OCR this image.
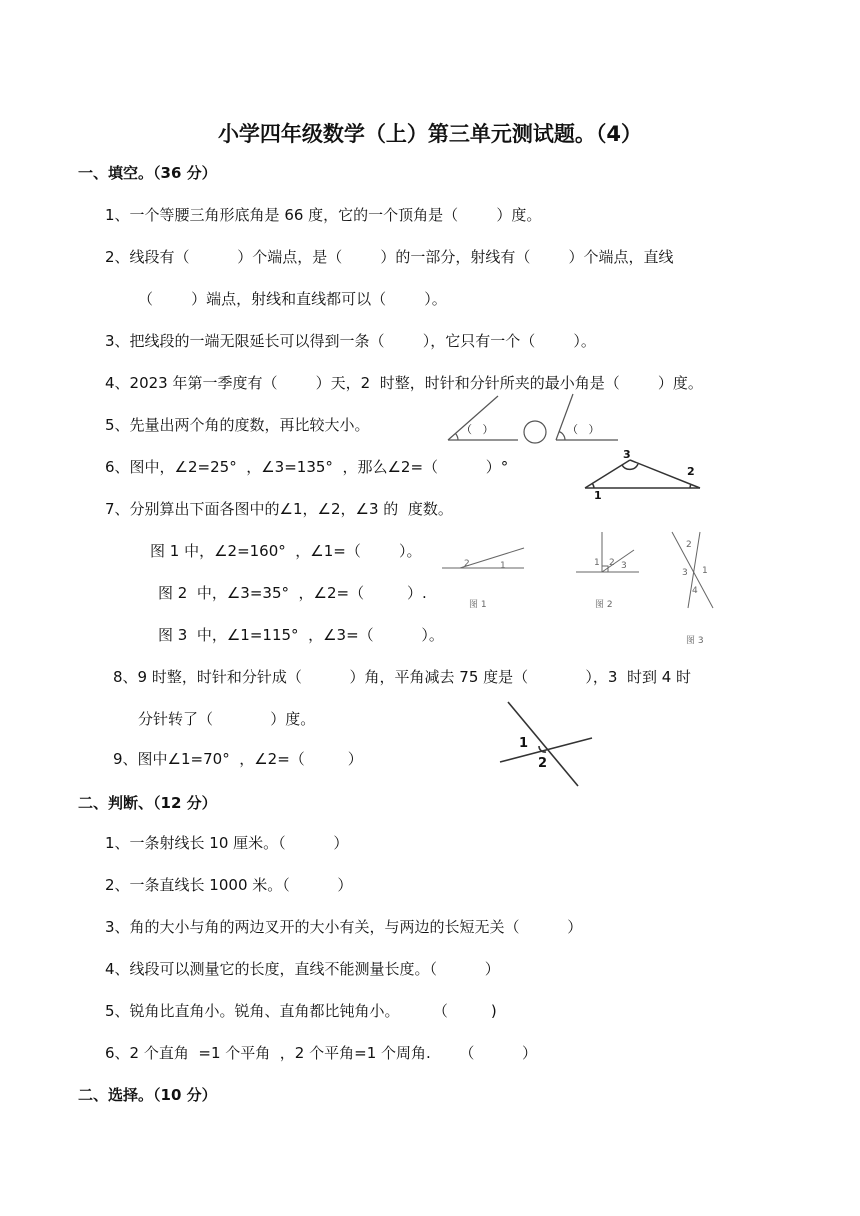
小学四年级数学（上）第三单元测试题。（4）
一、填空。（36 分）
1、一个等腰三角形底角是 66 度，它的一个顶角是（        ）度。
2、线段有（          ）个端点，是（        ）的一部分，射线有（        ）个端点，直线
（        ）端点，射线和直线都可以（        ）。
3、把线段的一端无限延长可以得到一条（        ），它只有一个（        ）。
4、2023 年第一季度有（        ）天，2  时整，时针和分针所夹的最小角是（        ）度。
5、先量出两个角的度数，再比较大小。	（   ）	（   ）
6、图中，∠2=25°  ，∠3=135°  ，那么∠2=（          ）°
1
2
3
7、分别算出下面各图中的∠1，∠2，∠3 的  度数。
图 1 中，∠2=160°  ，∠1=（        ）。
图 2  中，∠3=35°  ，∠2=（         ）.
图 3  中，∠1=115°  ，∠3=（          ）。
2	1
图 1
1 2 3
图 2
2
3 1
4
图 3
8、9 时整，时针和分针成（          ）角，平角减去 75 度是（            ），3  时到 4 时
分针转了（            ）度。
1
2
9、图中∠1=70°  ，∠2=（         ）
二、判断、（12 分）
1、一条射线长 10 厘米。（          ）
2、一条直线长 1000 米。（          ）
3、角的大小与角的两边叉开的大小有关，与两边的长短无关（          ）
4、线段可以测量它的长度，直线不能测量长度。（          ）
5、锐角比直角小。锐角、直角都比钝角小。       （         )
6、2 个直角  =1 个平角  ，2 个平角=1 个周角.      （          ）
二、选择。（10 分）
